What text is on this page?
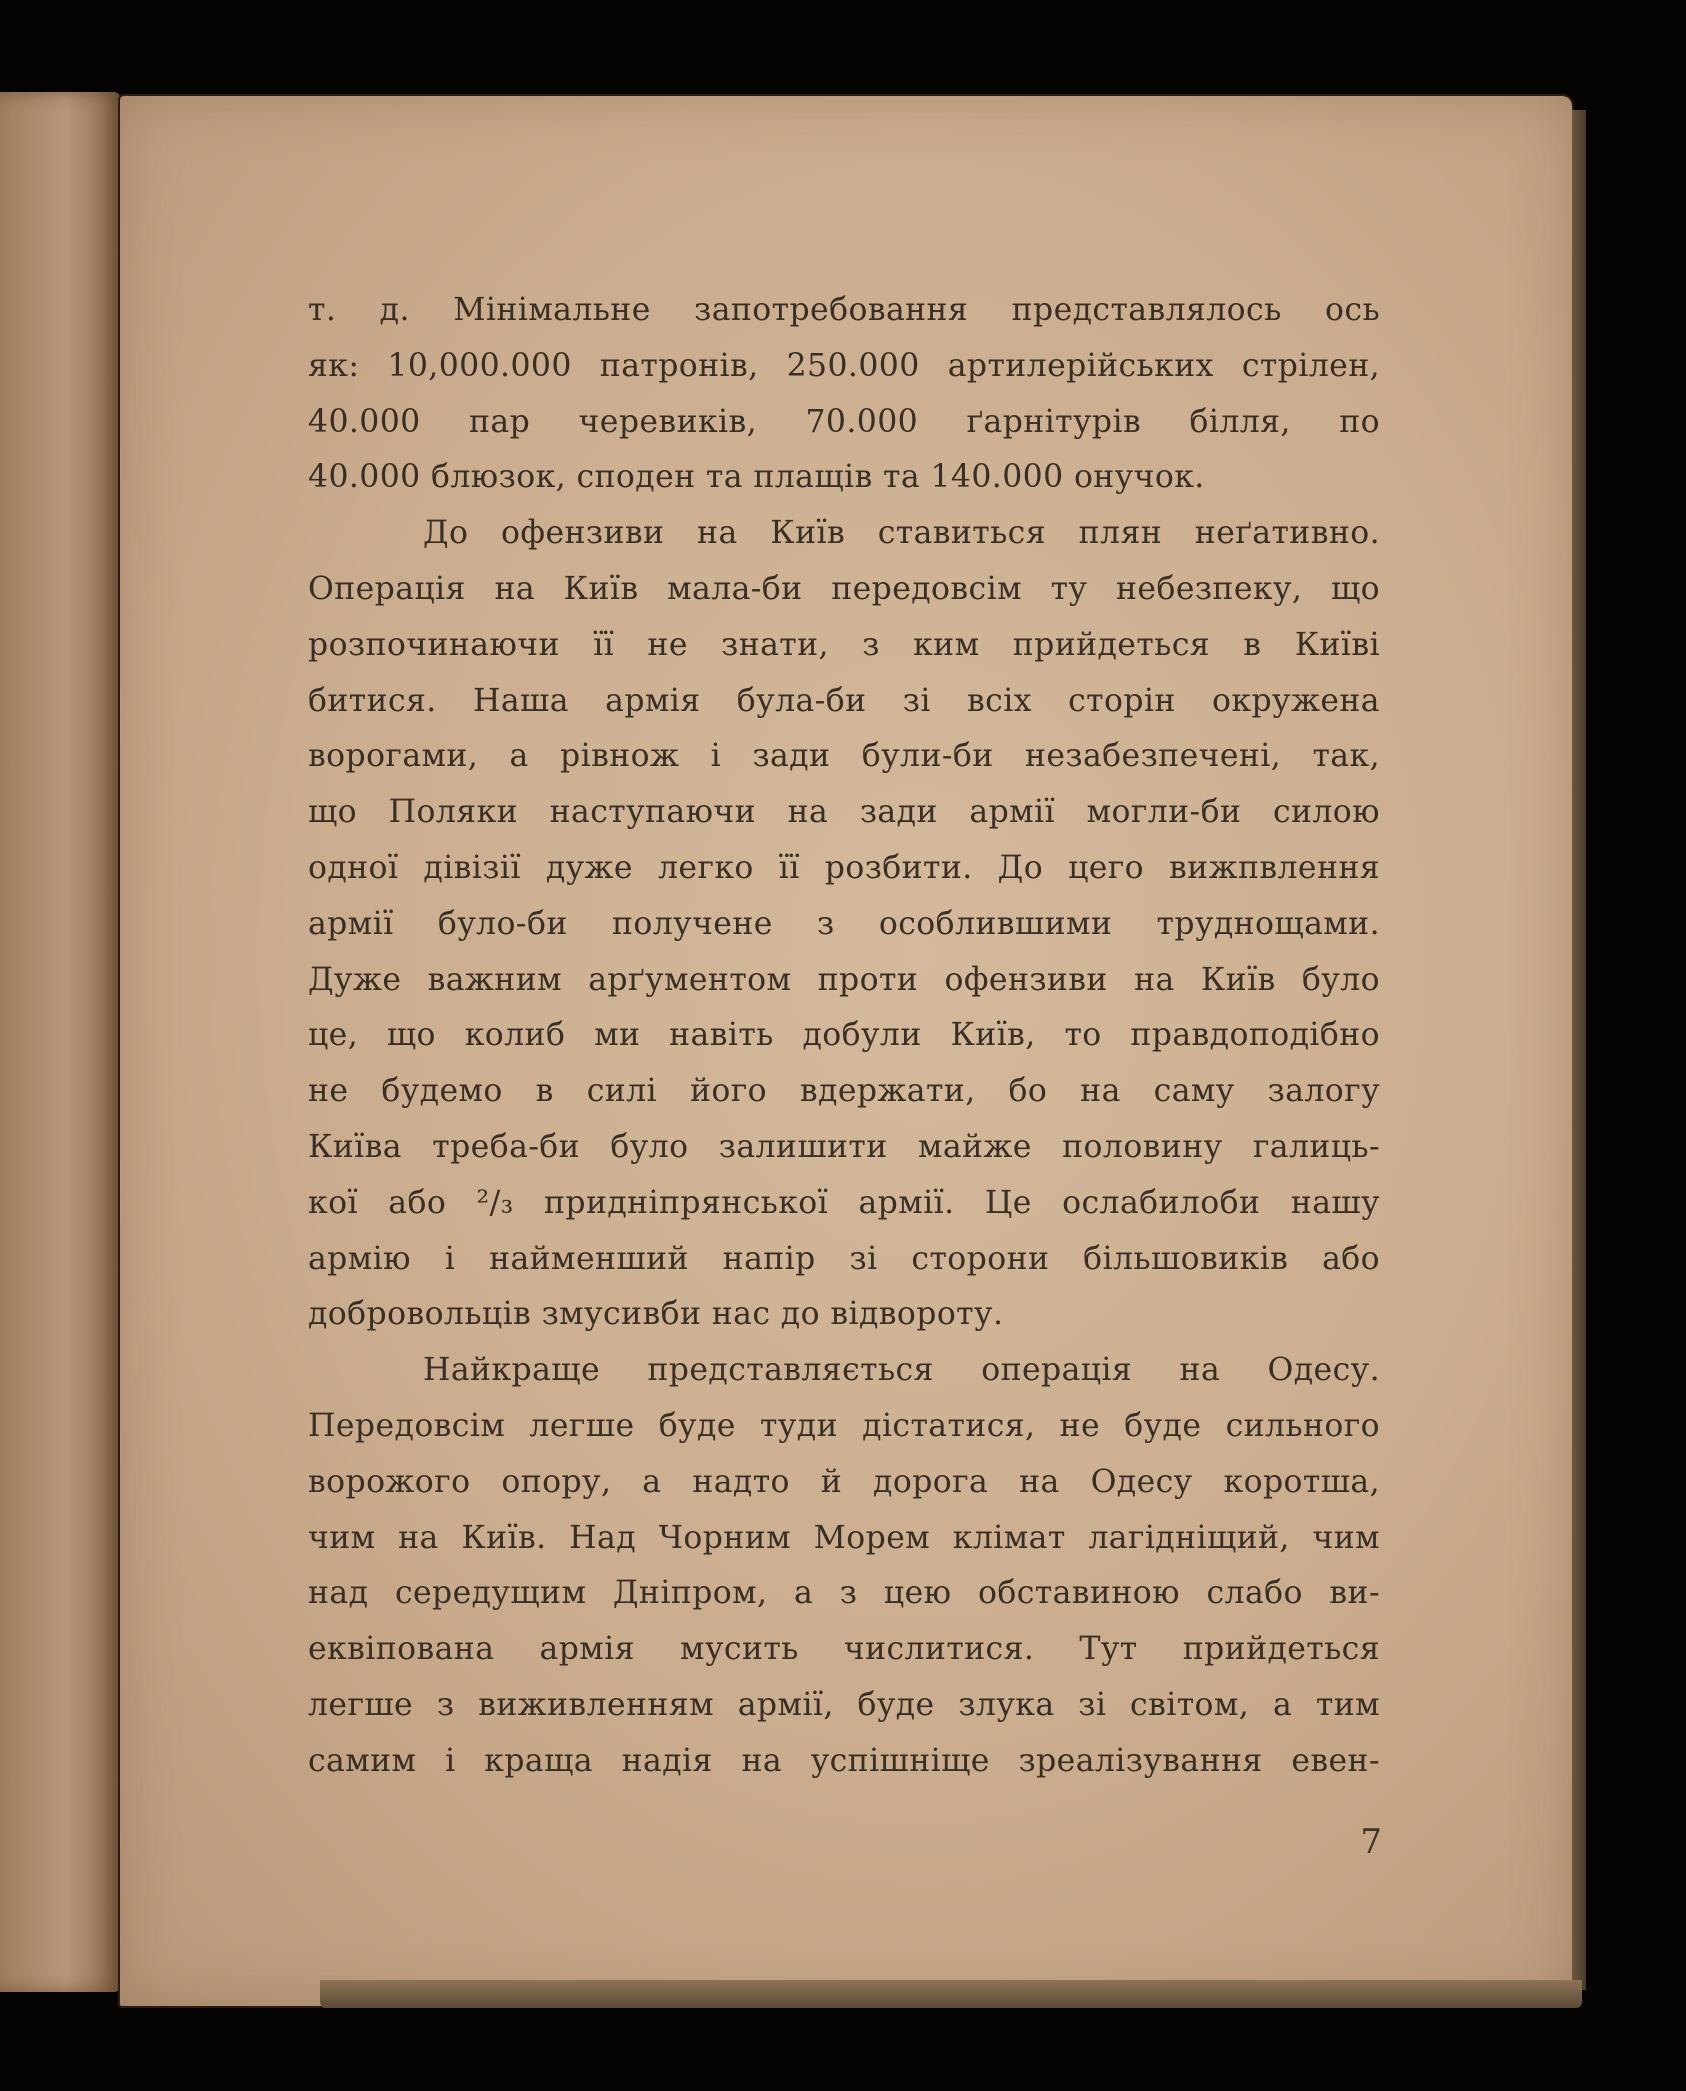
т. д. Мінімальне запотребовання представлялось ось
як: 10,000.000 патронів, 250.000 артилерійських стрілен,
40.000 пар черевиків, 70.000 ґарнітурів білля, по
40.000 блюзок, споден та плащів та 140.000 онучок.
До офензиви на Київ ставиться плян неґативно.
Операція на Київ мала-би передовсім ту небезпеку, що
розпочинаючи її не знати, з ким прийдеться в Київі
битися. Наша армія була-би зі всіх сторін окружена
ворогами, а рівнож і зади були-би незабезпечені, так,
що Поляки наступаючи на зади армії могли-би силою
одної дівізії дуже легко її розбити. До цего вижпвлення
армії було-би получене з особлившими труднощами.
Дуже важним арґументом проти офензиви на Київ було
це, що колиб ми навіть добули Київ, то правдоподібно
не будемо в силі його вдержати, бо на саму залогу
Київа треба-би було залишити майже половину галиць-
кої або ²/₃ придніпрянської армії. Це ослабилоби нашу
армію і найменший напір зі сторони більшовиків або
добровольців змусивби нас до відвороту.
Найкраще представляється операція на Одесу.
Передовсім легше буде туди дістатися, не буде сильного
ворожого опору, а надто й дорога на Одесу коротша,
чим на Київ. Над Чорним Морем клімат лагідніщий, чим
над середущим Дніпром, а з цею обставиною слабо ви-
еквіпована армія мусить числитися. Тут прийдеться
легше з виживленням армії, буде злука зі світом, а тим
самим і краща надія на успішніще зреалізування евен-
7
